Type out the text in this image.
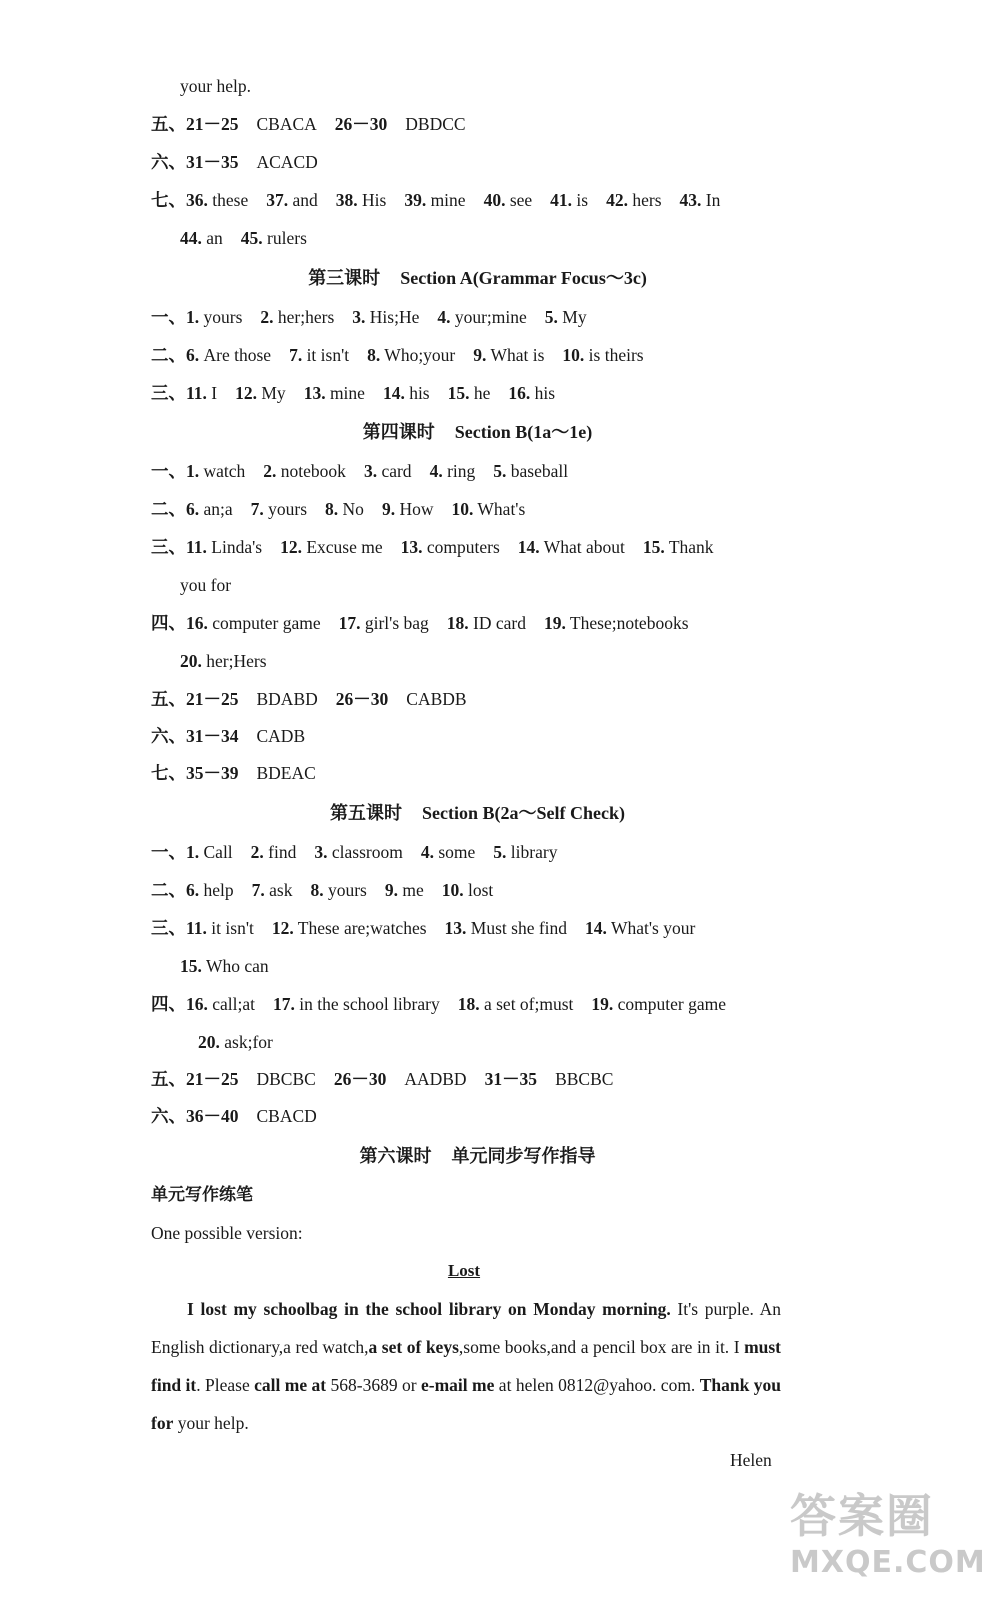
your help.
五、21－25 CBACA 26－30 DBDCC
六、31－35 ACACD
七、36. these 37. and 38. His 39. mine 40. see 41. is 42. hers 43. In
44. an 45. rulers
第三课时 Section A(Grammar Focus～3c)
一、1. yours 2. her;hers 3. His;He 4. your;mine 5. My
二、6. Are those 7. it isn't 8. Who;your 9. What is 10. is theirs
三、11. I 12. My 13. mine 14. his 15. he 16. his
第四课时 Section B(1a～1e)
一、1. watch 2. notebook 3. card 4. ring 5. baseball
二、6. an;a 7. yours 8. No 9. How 10. What's
三、11. Linda's 12. Excuse me 13. computers 14. What about 15. Thank
you for
四、16. computer game 17. girl's bag 18. ID card 19. These;notebooks
20. her;Hers
五、21－25 BDABD 26－30 CABDB
六、31－34 CADB
七、35－39 BDEAC
第五课时 Section B(2a～Self Check)
一、1. Call 2. find 3. classroom 4. some 5. library
二、6. help 7. ask 8. yours 9. me 10. lost
三、11. it isn't 12. These are;watches 13. Must she find 14. What's your
15. Who can
四、16. call;at 17. in the school library 18. a set of;must 19. computer game
20. ask;for
五、21－25 DBCBC 26－30 AADBD 31－35 BBCBC
六、36－40 CBACD
第六课时 单元同步写作指导
单元写作练笔
One possible version:
Lost
I lost my schoolbag in the school library on Monday morning. It's purple. An English dictionary,a red watch,a set of keys,some books,and a pencil box are in it. I must find it. Please call me at 568-3689 or e-mail me at helen 0812@yahoo. com. Thank you for your help.
Helen
答案圈
MXQE.COM
